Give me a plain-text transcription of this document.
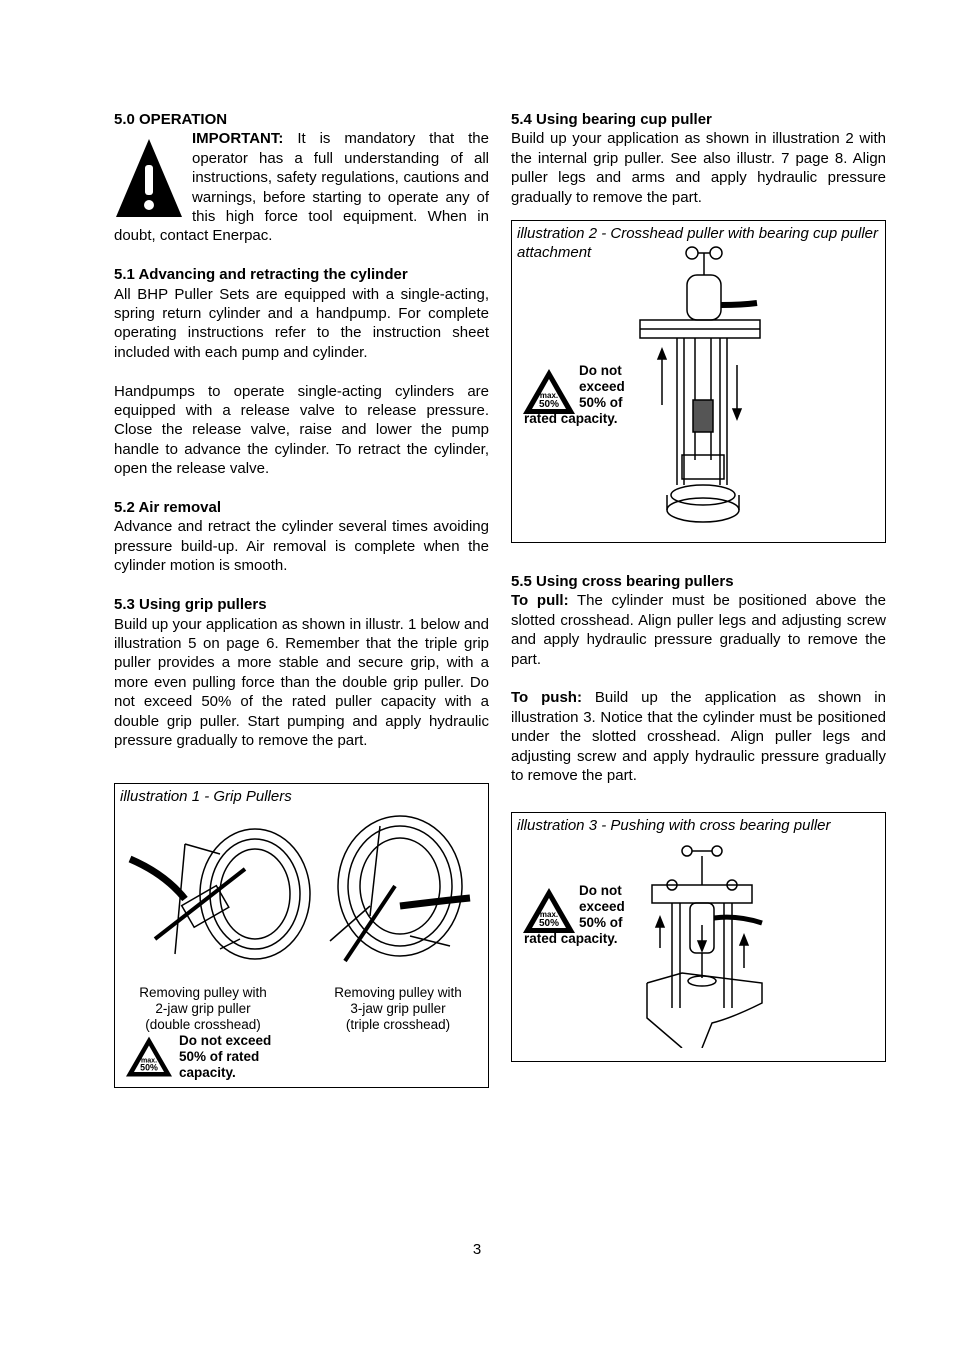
5.0 OPERATION

IMPORTANT: It is mandatory that the operator has a full understanding of all instructions, safety regulations, cautions and warnings, before starting to operate any of this high force tool equipment. When in doubt, contact Enerpac.

5.1 Advancing and retracting the cylinder

All BHP Puller Sets are equipped with a single-acting, spring return cylinder and a handpump. For complete operating instructions refer to the instruction sheet included with each pump and cylinder.

Handpumps to operate single-acting cylinders are equipped with a release valve to release pressure. Close the release valve, raise and lower the pump handle to advance the cylinder. To retract the cylinder, open the release valve.

5.2 Air removal

Advance and retract the cylinder several times avoiding pressure build-up. Air removal is complete when the cylinder motion is smooth.

5.3 Using grip pullers

Build up your application as shown in illustr. 1 below and illustration 5 on page 6. Remember that the triple grip puller provides a more stable and secure grip, with a more even pulling force than the double grip puller. Do not exceed 50% of the rated puller capacity with a double grip puller. Start pumping and apply hydraulic pressure gradually to remove the part.

5.4 Using bearing cup puller

Build up your application as shown in illustration 2 with the internal grip puller. See also illustr. 7 page 8. Align puller legs and arms and apply hydraulic pressure gradually to remove the part.

5.5 Using cross bearing pullers

To pull: The cylinder must be positioned above the slotted crosshead. Align puller legs and adjusting screw and apply hydraulic pressure gradually to remove the part.

To push: Build up the application as shown in illustration 3. Notice that the cylinder must be positioned under the slotted crosshead. Align puller legs and adjusting screw and apply hydraulic pressure gradually to remove the part.

illustration 2 - Crosshead puller with bearing cup puller attachment
max.
50%
Do not
exceed
50% of
rated capacity.
illustration 1 - Grip Pullers
Removing pulley with
2-jaw grip puller
(double crosshead)
Removing pulley with
3-jaw grip puller
(triple crosshead)
max.
50%
Do not exceed
50% of rated
capacity.
illustration 3 - Pushing with cross bearing puller
max.
50%
Do not
exceed
50% of
rated capacity.
3
